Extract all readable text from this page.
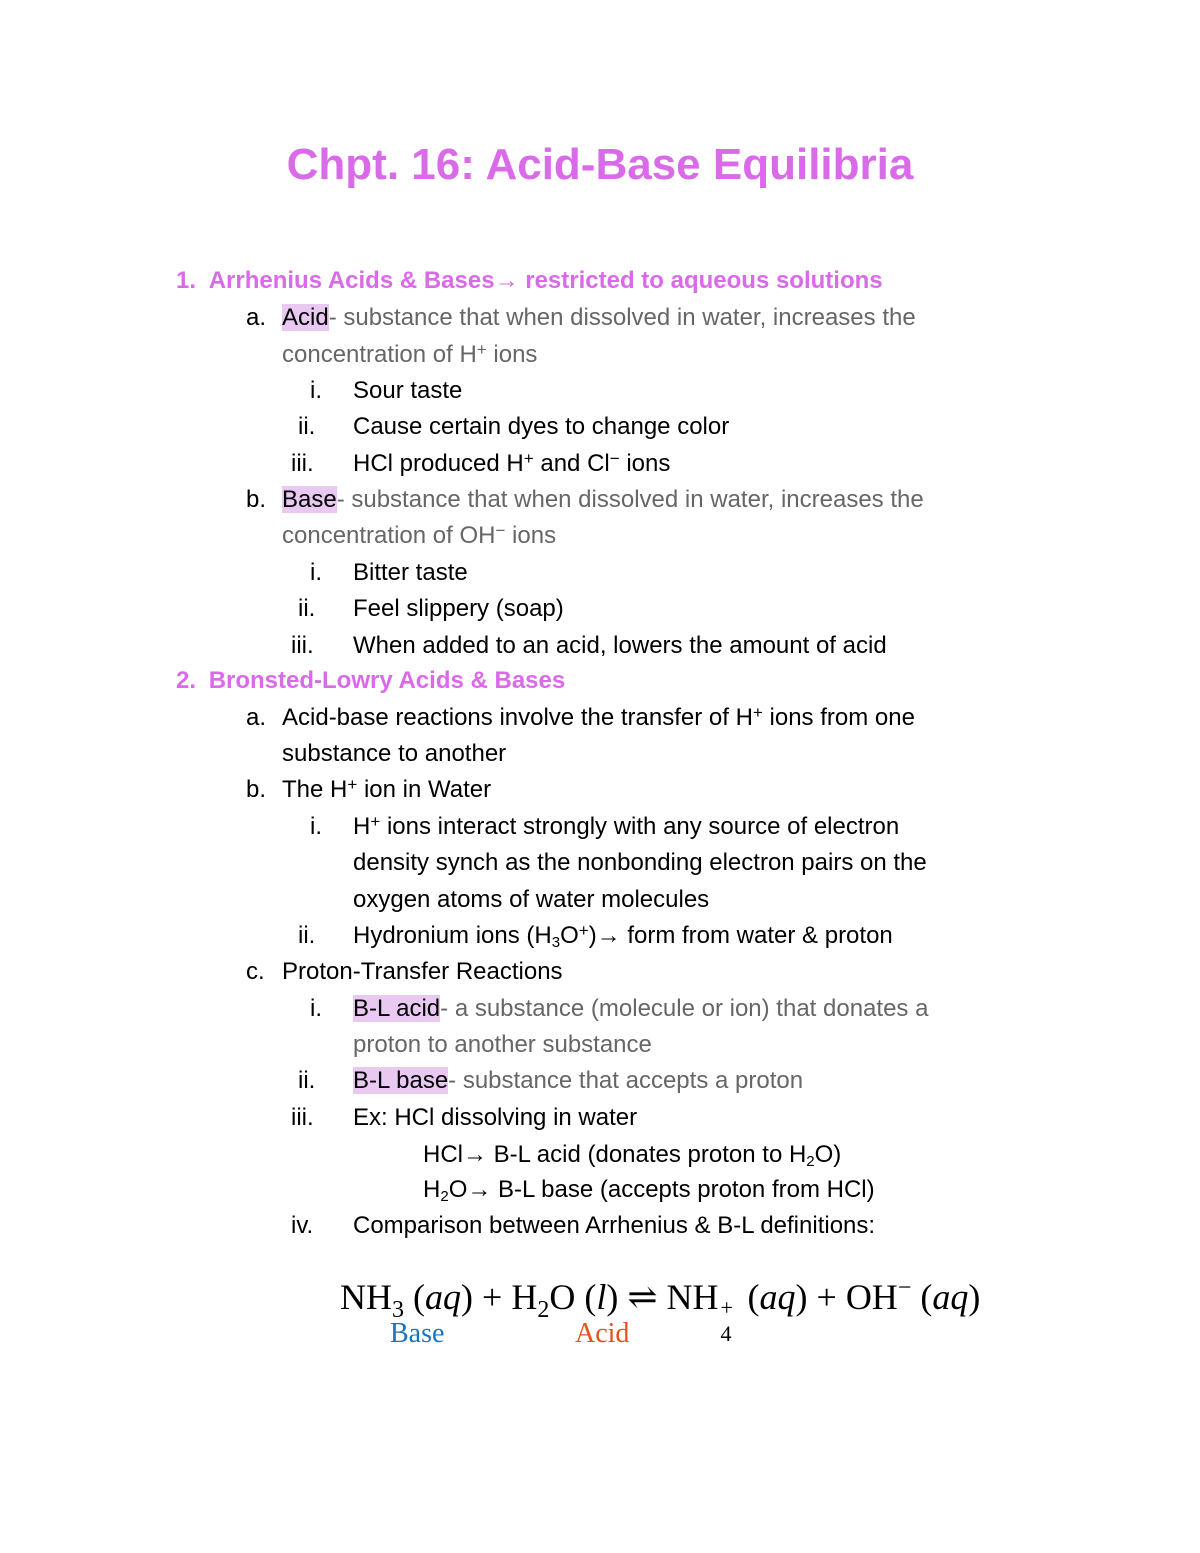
Chpt. 16: Acid-Base Equilibria
1. Arrhenius Acids & Bases→ restricted to aqueous solutions
a. Acid- substance that when dissolved in water, increases the
concentration of H+ ions
i. Sour taste
ii. Cause certain dyes to change color
iii. HCl produced H+ and Cl− ions
b. Base- substance that when dissolved in water, increases the
concentration of OH− ions
i. Bitter taste
ii. Feel slippery (soap)
iii. When added to an acid, lowers the amount of acid
2. Bronsted-Lowry Acids & Bases
a. Acid-base reactions involve the transfer of H+ ions from one
substance to another
b. The H+ ion in Water
i. H+ ions interact strongly with any source of electron
density synch as the nonbonding electron pairs on the
oxygen atoms of water molecules
ii. Hydronium ions (H3O+)→ form from water & proton
c. Proton-Transfer Reactions
i. B-L acid- a substance (molecule or ion) that donates a
proton to another substance
ii. B-L base- substance that accepts a proton
iii. Ex: HCl dissolving in water
HCl→ B-L acid (donates proton to H2O)
H2O→ B-L base (accepts proton from HCl)
iv. Comparison between Arrhenius & B-L definitions:
$NH_3$ $(aq) + H_2O$ (l) ⇌ NH +
4
(aq) + OH− (aq)
Base	Acid
